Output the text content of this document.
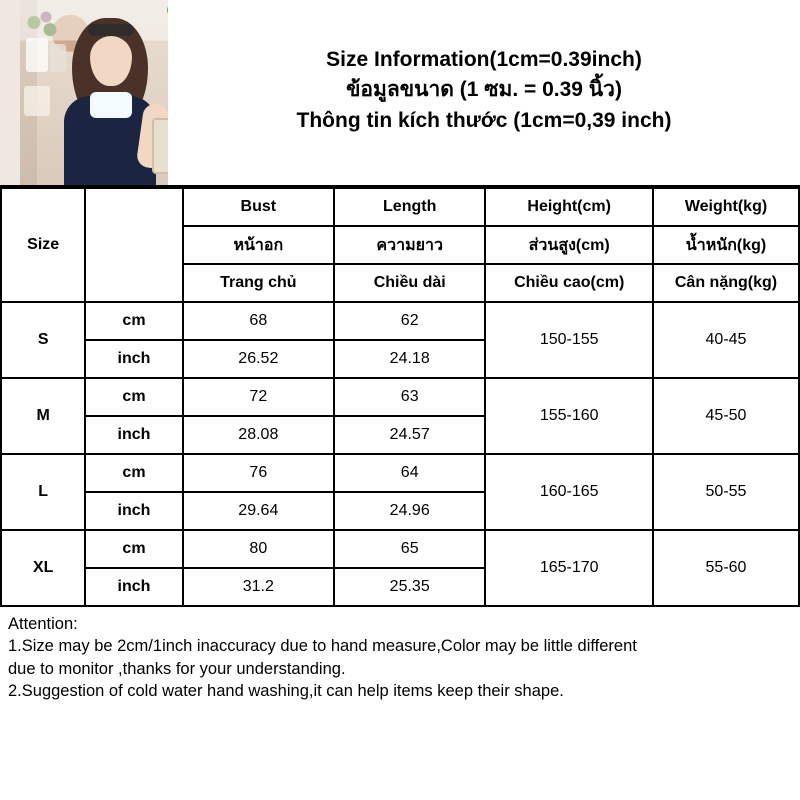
Size Information(1cm=0.39inch)
ข้อมูลขนาด (1 ซม. = 0.39 นิ้ว)
Thông tin kích thước (1cm=0,39 inch)
Size		Bust	Length	Height(cm)	Weight(kg)
		หน้าอก	ความยาว	ส่วนสูง(cm)	น้ำหนัก(kg)
		Trang chủ	Chiều dài	Chiều cao(cm)	Cân nặng(kg)
S	cm	68	62	150-155	40-45
	inch	26.52	24.18		
M	cm	72	63	155-160	45-50
	inch	28.08	24.57		
L	cm	76	64	160-165	50-55
	inch	29.64	24.96		
XL	cm	80	65	165-170	55-60
	inch	31.2	25.35		

Attention:

1.Size may be 2cm/1inch inaccuracy due to hand measure,Color may be little different

due to monitor ,thanks for your understanding.

2.Suggestion of cold water hand washing,it can help items keep their shape.
